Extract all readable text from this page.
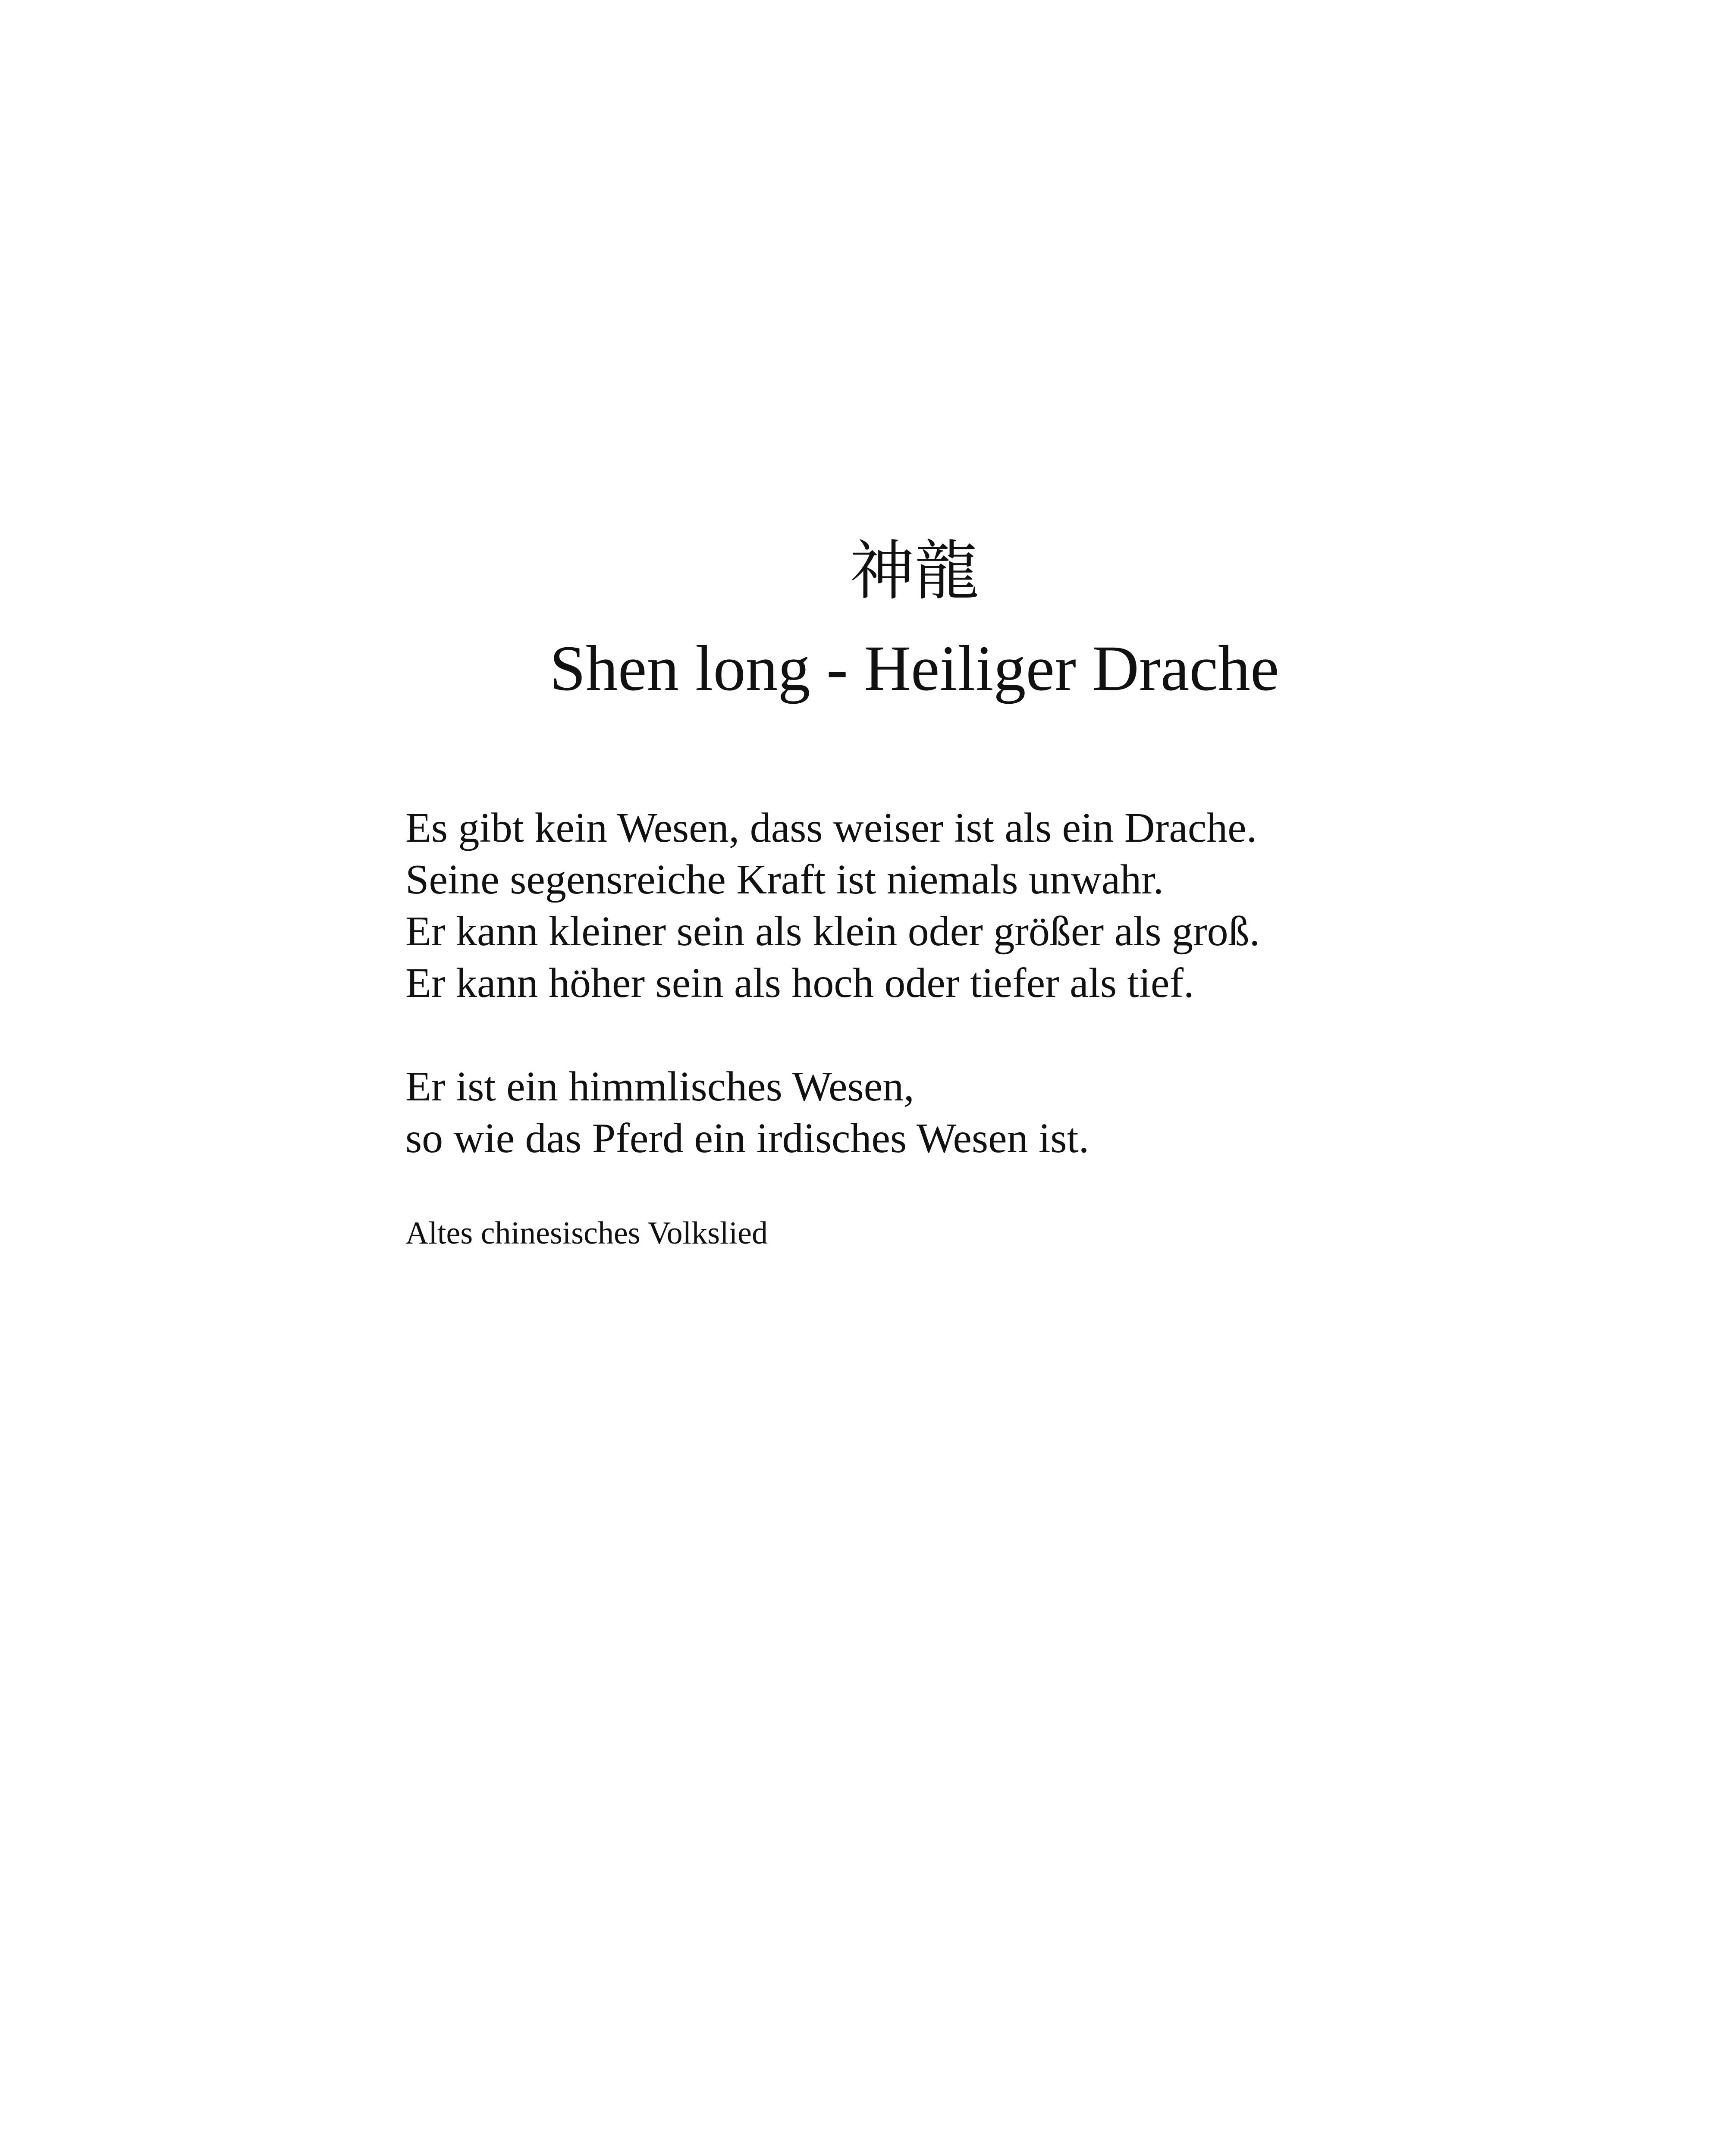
神龍
Shen long - Heiliger Drache
Es gibt kein Wesen, dass weiser ist als ein Drache.
Seine segensreiche Kraft ist niemals unwahr.
Er kann kleiner sein als klein oder größer als groß.
Er kann höher sein als hoch oder tiefer als tief.
Er ist ein himmlisches Wesen,
so wie das Pferd ein irdisches Wesen ist.
Altes chinesisches Volkslied
